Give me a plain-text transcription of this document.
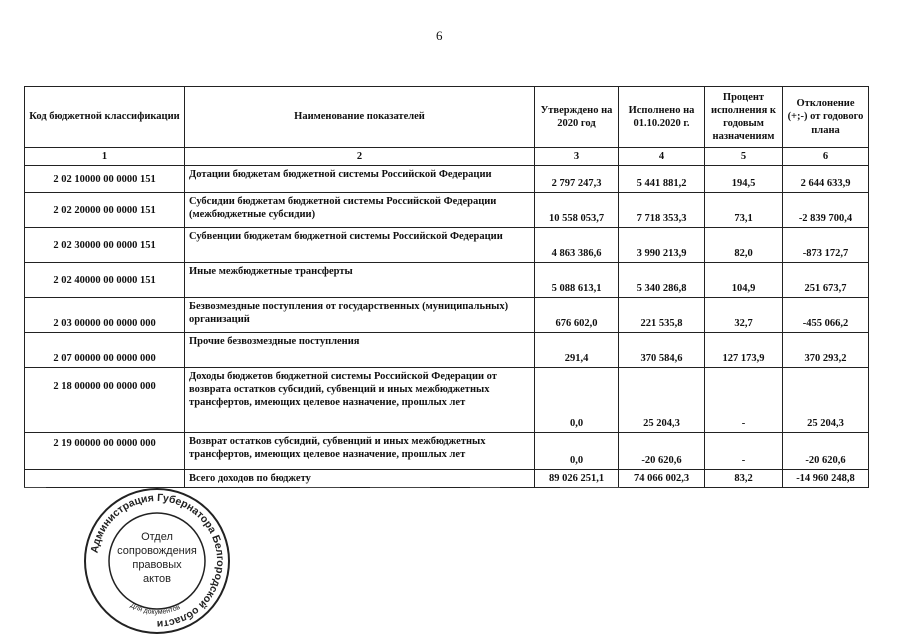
6
Код бюджетной классификации	Наименование показателей	Утверждено на 2020 год	Исполнено на 01.10.2020 г.	Процент исполнения к годовым назначениям	Отклонение (+;-) от годового плана
1	2	3	4	5	6
2 02 10000 00 0000 151	Дотации бюджетам бюджетной системы Российской Федерации	2 797 247,3	5 441 881,2	194,5	2 644 633,9
2 02 20000 00 0000 151	Субсидии бюджетам бюджетной системы Российской Федерации (межбюджетные субсидии)	10 558 053,7	7 718 353,3	73,1	-2 839 700,4
2 02 30000 00 0000 151	Субвенции бюджетам бюджетной системы Российской Федерации	4 863 386,6	3 990 213,9	82,0	-873 172,7
2 02 40000 00 0000 151	Иные межбюджетные трансферты	5 088 613,1	5 340 286,8	104,9	251 673,7
2 03 00000 00 0000 000	Безвозмездные поступления от государственных (муниципальных) организаций	676 602,0	221 535,8	32,7	-455 066,2
2 07 00000 00 0000 000	Прочие безвозмездные поступления	291,4	370 584,6	127 173,9	370 293,2
2 18 00000 00 0000 000	Доходы бюджетов бюджетной системы Российской Федерации от возврата остатков субсидий, субвенций и иных межбюджетных трансфертов, имеющих целевое назначение, прошлых лет	0,0	25 204,3	-	25 204,3
2 19 00000 00 0000 000	Возврат остатков субсидий, субвенций и иных межбюджетных трансфертов, имеющих целевое назначение, прошлых лет	0,0	-20 620,6	-	-20 620,6
	Всего доходов по бюджету	89 026 251,1	74 066 002,3	83,2	-14 960 248,8
Администрация Губернатора Белгородской области
Отдел
сопровождения
правовых
актов
Для документов
